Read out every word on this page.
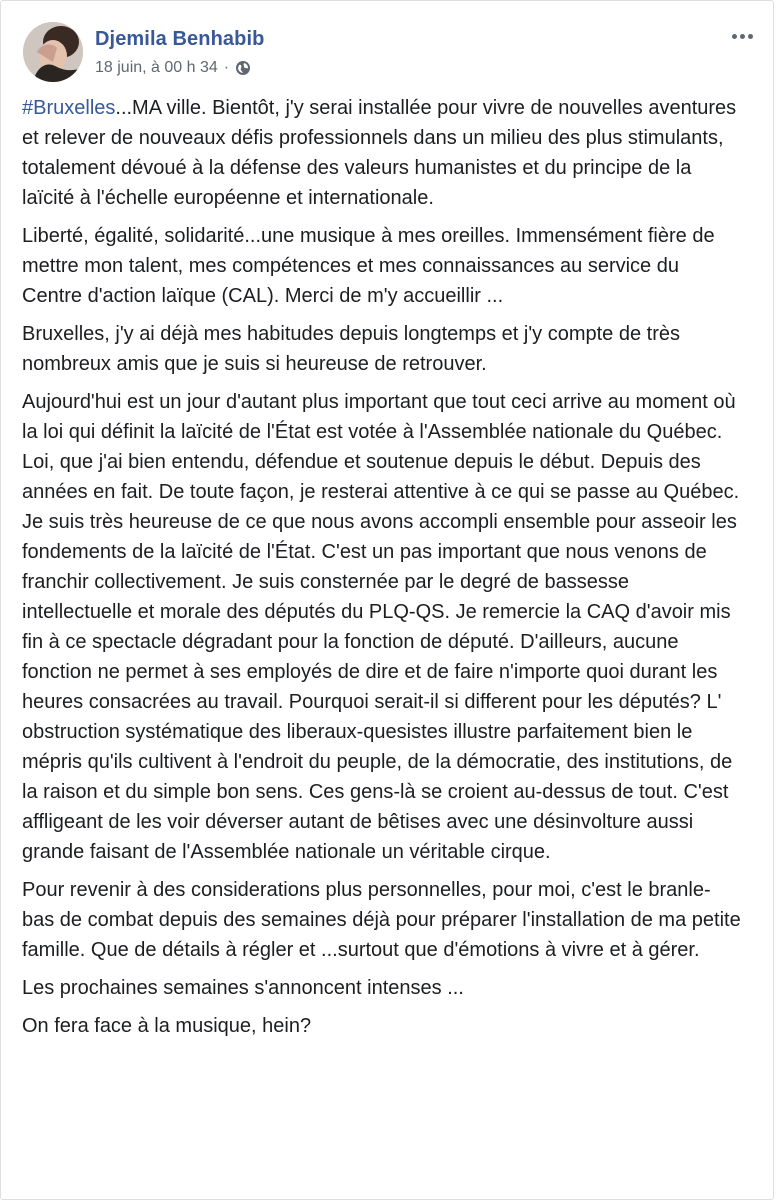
Djemila Benhabib
18 juin, à 00 h 34 ·

#Bruxelles...MA ville. Bientôt, j'y serai installée pour vivre de nouvelles aventures et relever de nouveaux défis professionnels dans un milieu des plus stimulants, totalement dévoué à la défense des valeurs humanistes et du principe de la laïcité à l'échelle européenne et internationale.

Liberté, égalité, solidarité...une musique à mes oreilles. Immensément fière de mettre mon talent, mes compétences et mes connaissances au service du Centre d'action laïque (CAL). Merci de m'y accueillir ...

Bruxelles, j'y ai déjà mes habitudes depuis longtemps et j'y compte de très nombreux amis que je suis si heureuse de retrouver.

Aujourd'hui est un jour d'autant plus important que tout ceci arrive au moment où la loi qui définit la laïcité de l'État est votée à l'Assemblée nationale du Québec. Loi, que j'ai bien entendu, défendue et soutenue depuis le début. Depuis des années en fait. De toute façon, je resterai attentive à ce qui se passe au Québec. Je suis très heureuse de ce que nous avons accompli ensemble pour asseoir les fondements de la laïcité de l'État. C'est un pas important que nous venons de franchir collectivement. Je suis consternée par le degré de bassesse intellectuelle et morale des députés du PLQ-QS. Je remercie la CAQ d'avoir mis fin à ce spectacle dégradant pour la fonction de député. D'ailleurs, aucune fonction ne permet à ses employés de dire et de faire n'importe quoi durant les heures consacrées au travail. Pourquoi serait-il si different pour les députés? L' obstruction systématique des liberaux-quesistes illustre parfaitement bien le mépris qu'ils cultivent à l'endroit du peuple, de la démocratie, des institutions, de la raison et du simple bon sens. Ces gens-là se croient au-dessus de tout. C'est affligeant de les voir déverser autant de bêtises avec une désinvolture aussi grande faisant de l'Assemblée nationale un véritable cirque.

Pour revenir à des considerations plus personnelles, pour moi, c'est le branle-bas de combat depuis des semaines déjà pour préparer l'installation de ma petite famille. Que de détails à régler et ...surtout que d'émotions à vivre et à gérer.

Les prochaines semaines s'annoncent intenses ...

On fera face à la musique, hein?
